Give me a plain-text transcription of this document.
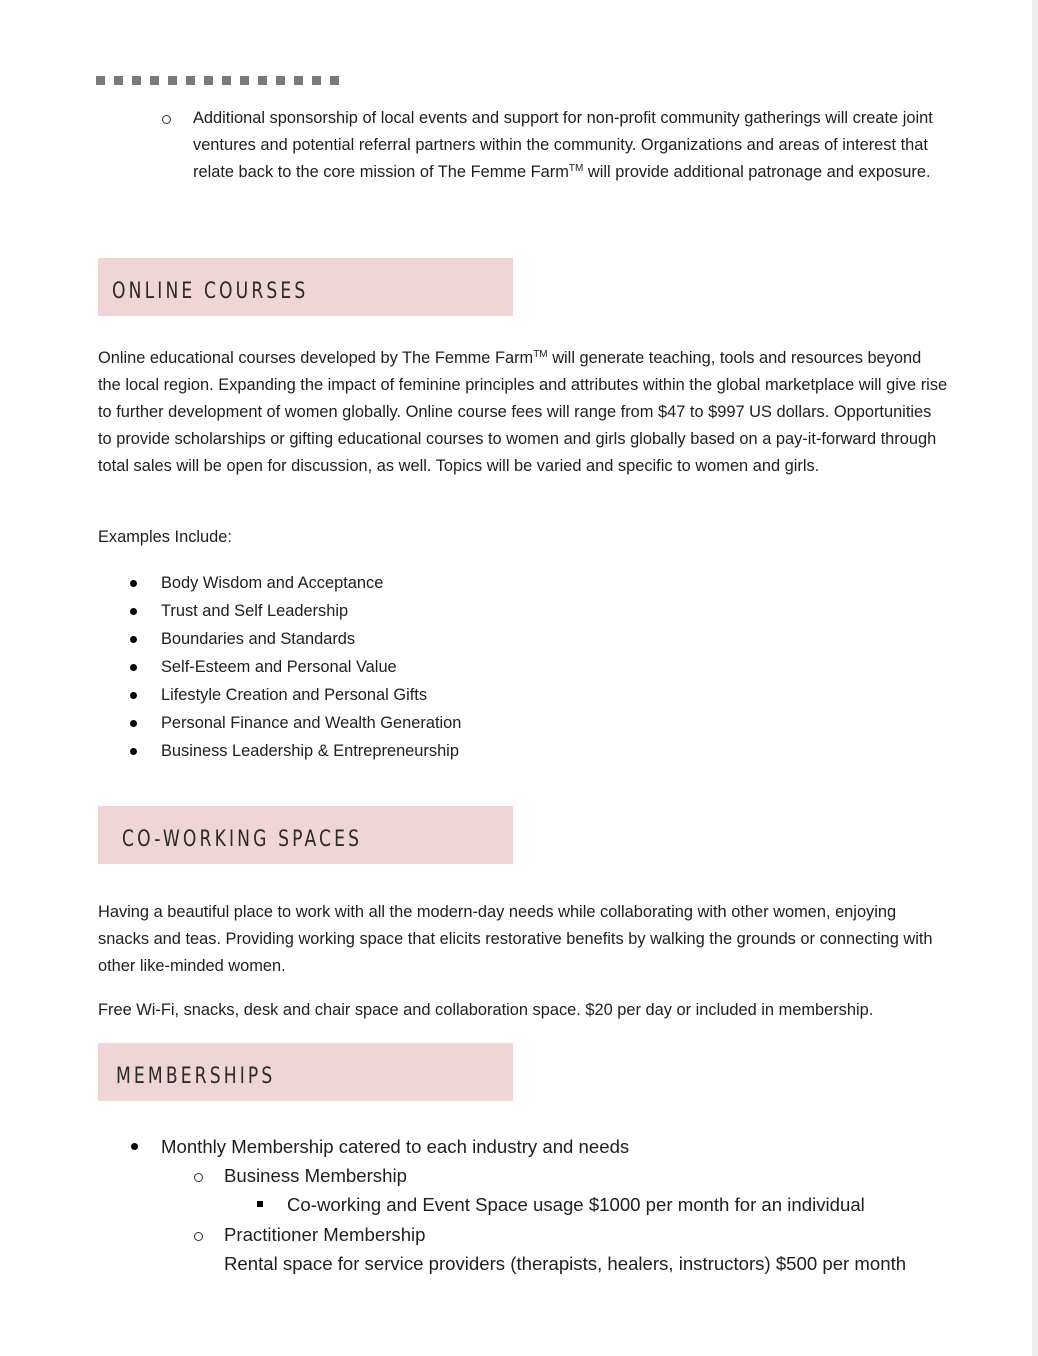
Additional sponsorship of local events and support for non-profit community gatherings will create joint ventures and potential referral partners within the community. Organizations and areas of interest that relate back to the core mission of The Femme Farm™ will provide additional patronage and exposure.

ONLINE COURSES

Online educational courses developed by The Femme Farm™ will generate teaching, tools and resources beyond the local region. Expanding the impact of feminine principles and attributes within the global marketplace will give rise to further development of women globally. Online course fees will range from $47 to $997 US dollars. Opportunities to provide scholarships or gifting educational courses to women and girls globally based on a pay-it-forward through total sales will be open for discussion, as well. Topics will be varied and specific to women and girls.

Examples Include:
Body Wisdom and Acceptance
Trust and Self Leadership
Boundaries and Standards
Self-Esteem and Personal Value
Lifestyle Creation and Personal Gifts
Personal Finance and Wealth Generation
Business Leadership & Entrepreneurship
CO-WORKING SPACES

Having a beautiful place to work with all the modern-day needs while collaborating with other women, enjoying snacks and teas. Providing working space that elicits restorative benefits by walking the grounds or connecting with other like-minded women.

Free Wi-Fi, snacks, desk and chair space and collaboration space. $20 per day or included in membership.

MEMBERSHIPS
Monthly Membership catered to each industry and needs
Business Membership
Co-working and Event Space usage $1000 per month for an individual
Practitioner Membership
Rental space for service providers (therapists, healers, instructors) $500 per month
